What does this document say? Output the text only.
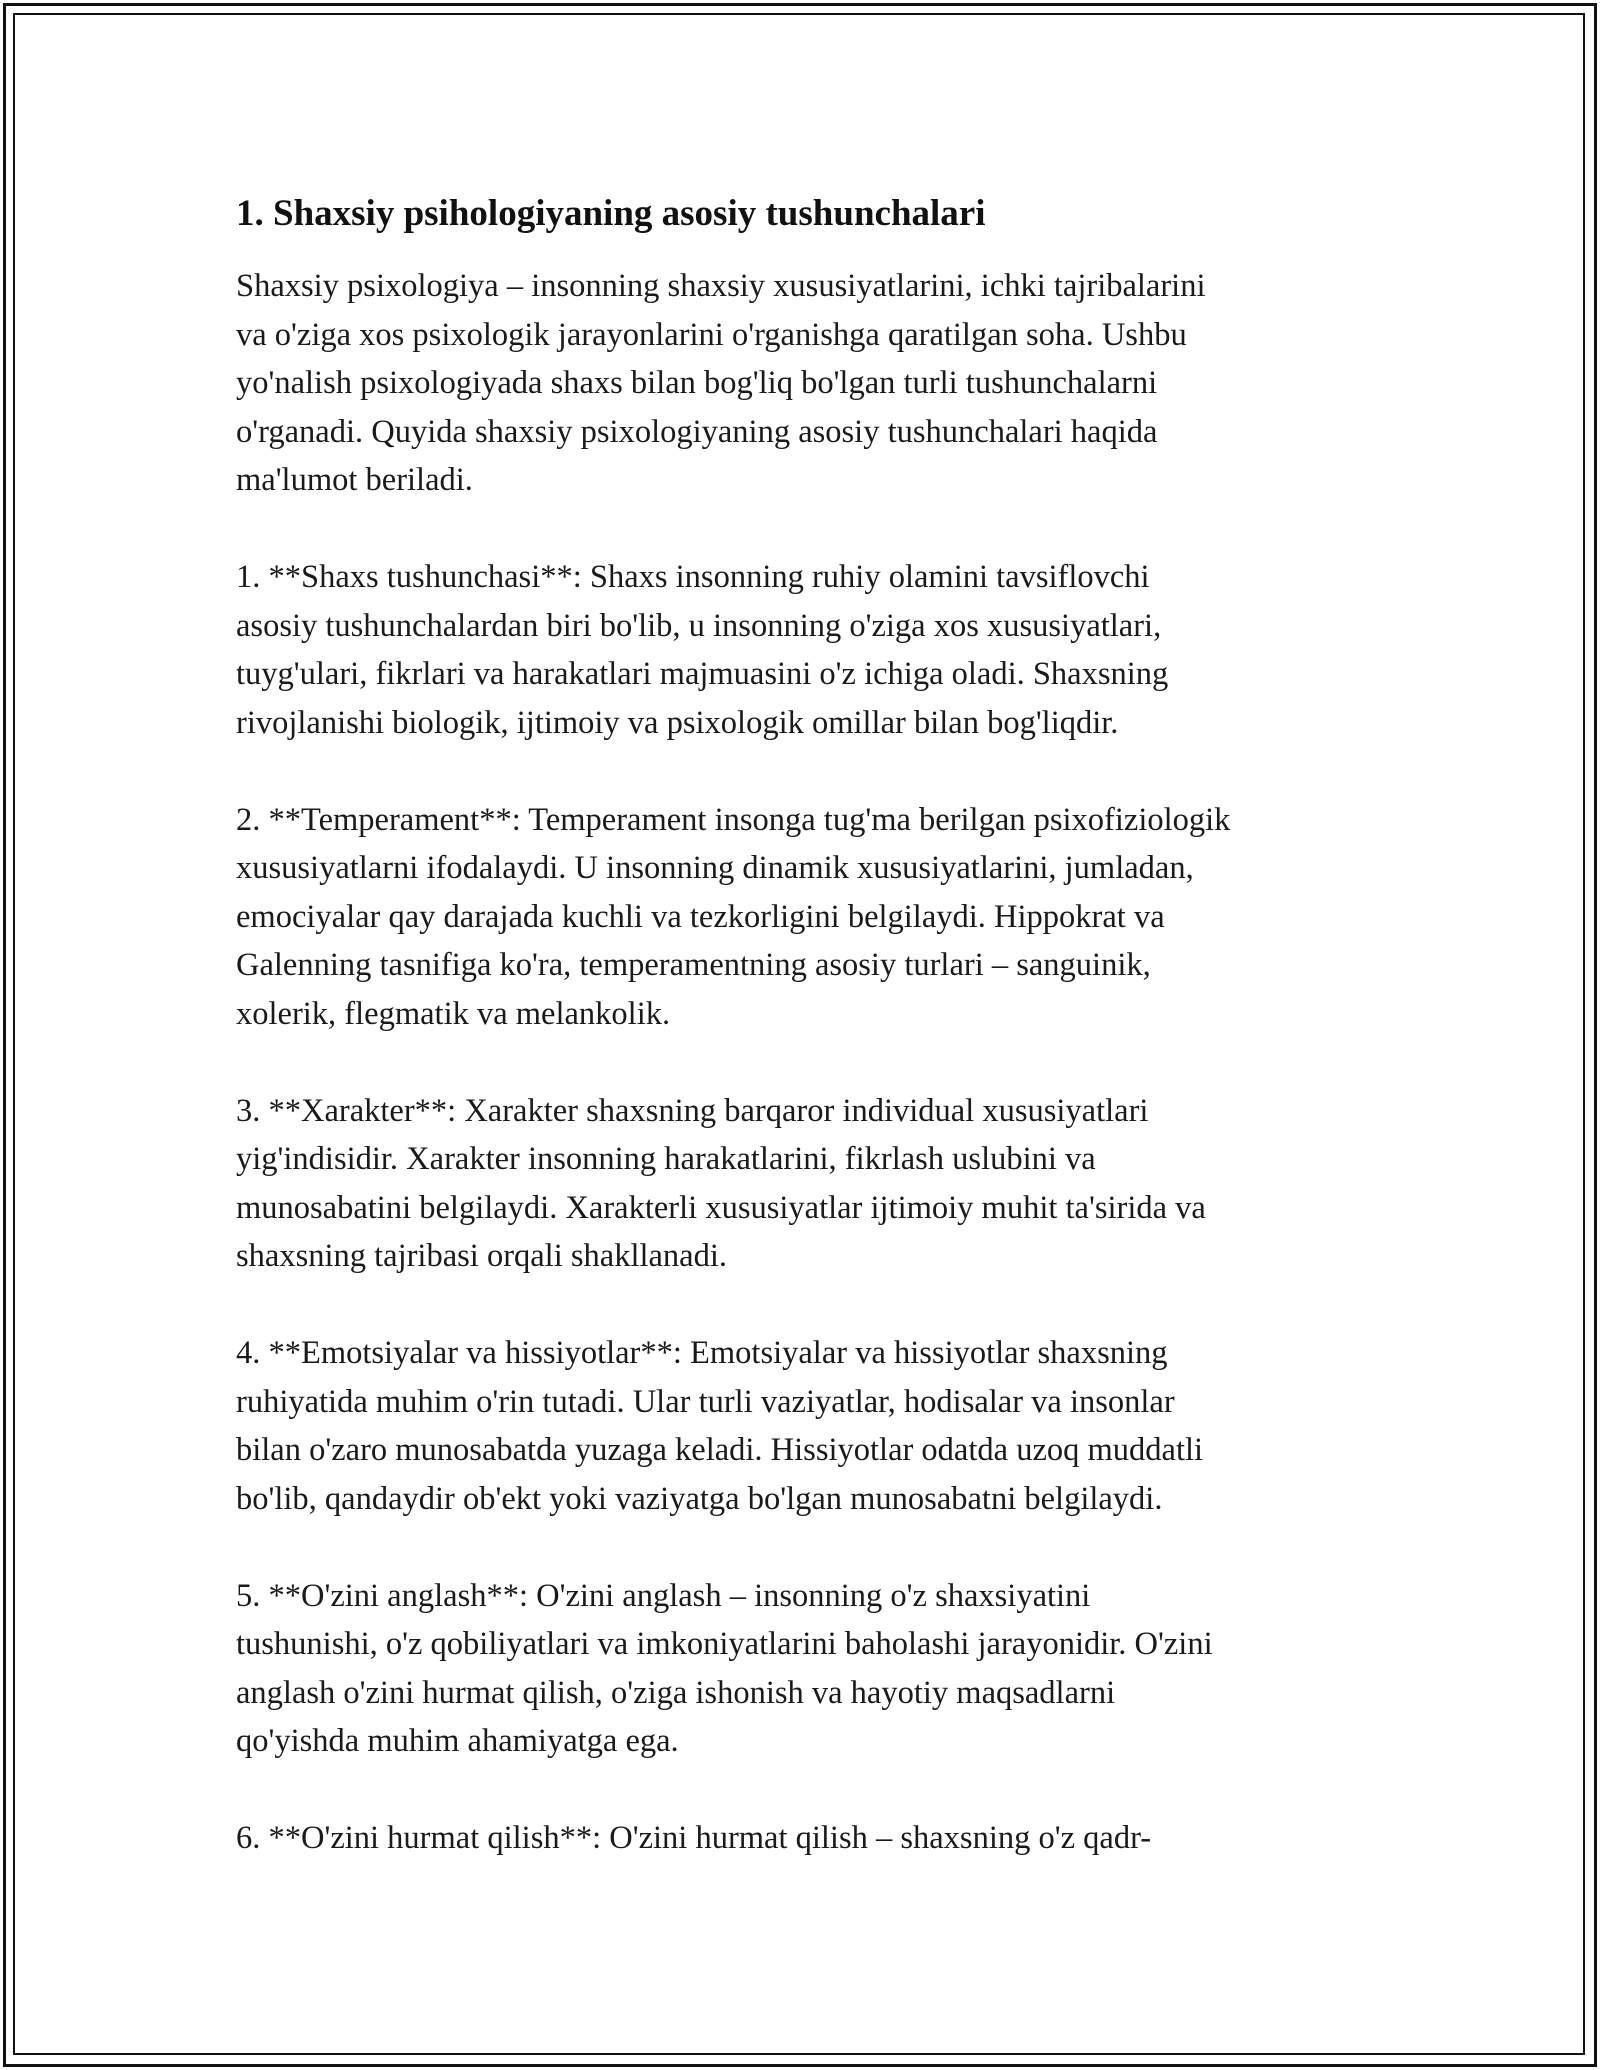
1. Shaxsiy psihologiyaning asosiy tushunchalari

Shaxsiy psixologiya – insonning shaxsiy xususiyatlarini, ichki tajribalarini
va o'ziga xos psixologik jarayonlarini o'rganishga qaratilgan soha. Ushbu
yo'nalish psixologiyada shaxs bilan bog'liq bo'lgan turli tushunchalarni
o'rganadi. Quyida shaxsiy psixologiyaning asosiy tushunchalari haqida
ma'lumot beriladi.

1. **Shaxs tushunchasi**: Shaxs insonning ruhiy olamini tavsiflovchi
asosiy tushunchalardan biri bo'lib, u insonning o'ziga xos xususiyatlari,
tuyg'ulari, fikrlari va harakatlari majmuasini o'z ichiga oladi. Shaxsning
rivojlanishi biologik, ijtimoiy va psixologik omillar bilan bog'liqdir.

2. **Temperament**: Temperament insonga tug'ma berilgan psixofiziologik
xususiyatlarni ifodalaydi. U insonning dinamik xususiyatlarini, jumladan,
emociyalar qay darajada kuchli va tezkorligini belgilaydi. Hippokrat va
Galenning tasnifiga ko'ra, temperamentning asosiy turlari – sanguinik,
xolerik, flegmatik va melankolik.

3. **Xarakter**: Xarakter shaxsning barqaror individual xususiyatlari
yig'indisidir. Xarakter insonning harakatlarini, fikrlash uslubini va
munosabatini belgilaydi. Xarakterli xususiyatlar ijtimoiy muhit ta'sirida va
shaxsning tajribasi orqali shakllanadi.

4. **Emotsiyalar va hissiyotlar**: Emotsiyalar va hissiyotlar shaxsning
ruhiyatida muhim o'rin tutadi. Ular turli vaziyatlar, hodisalar va insonlar
bilan o'zaro munosabatda yuzaga keladi. Hissiyotlar odatda uzoq muddatli
bo'lib, qandaydir ob'ekt yoki vaziyatga bo'lgan munosabatni belgilaydi.

5. **O'zini anglash**: O'zini anglash – insonning o'z shaxsiyatini
tushunishi, o'z qobiliyatlari va imkoniyatlarini baholashi jarayonidir. O'zini
anglash o'zini hurmat qilish, o'ziga ishonish va hayotiy maqsadlarni
qo'yishda muhim ahamiyatga ega.

6. **O'zini hurmat qilish**: O'zini hurmat qilish – shaxsning o'z qadr-
